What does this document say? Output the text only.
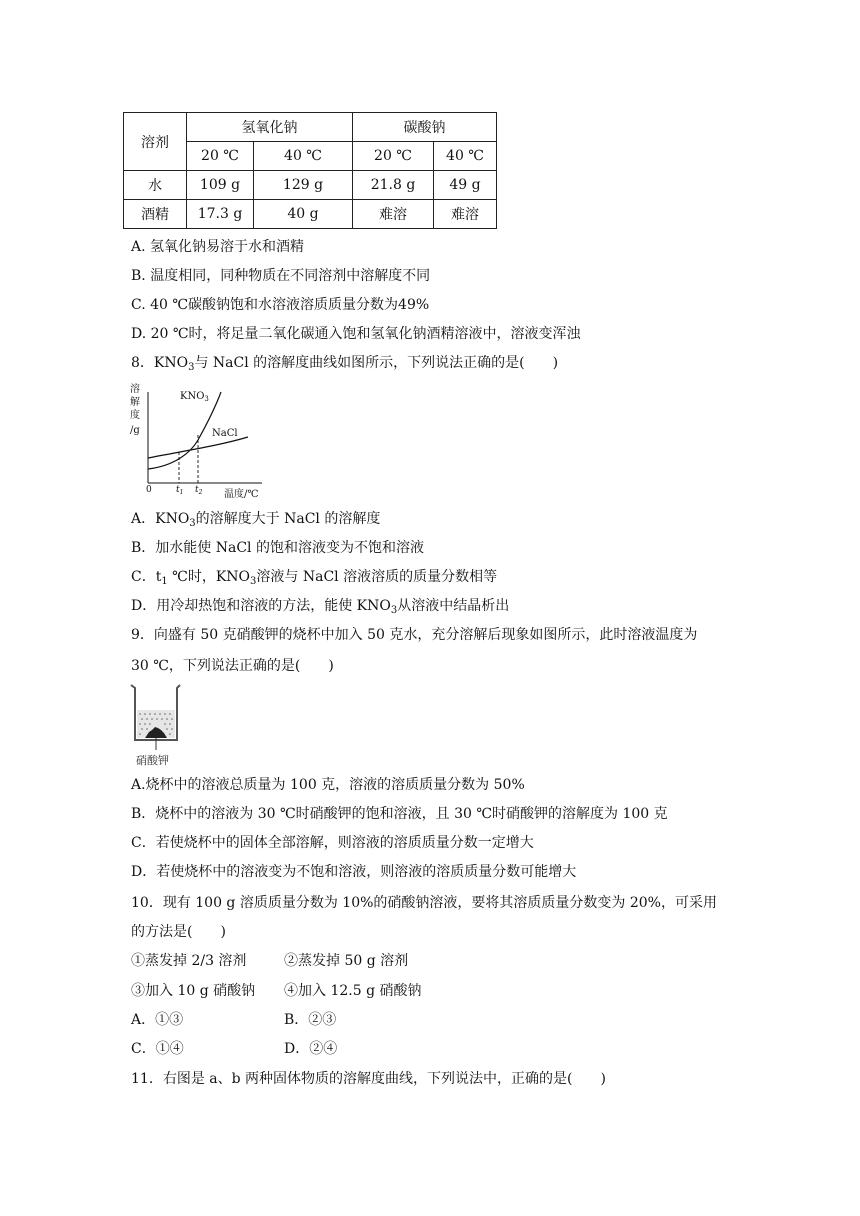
溶剂	氢氧化钠		碳酸钠	
	20 ℃	40 ℃	20 ℃	40 ℃
水	109 g	129 g	21.8 g	49 g
酒精	17.3 g	40 g	难溶	难溶
A. 氢氧化钠易溶于水和酒精
B. 温度相同，同种物质在不同溶剂中溶解度不同
C. 40 ℃碳酸钠饱和水溶液溶质质量分数为49%
D. 20 ℃时，将足量二氧化碳通入饱和氢氧化钠酒精溶液中，溶液变浑浊
8．$KNO_3$与 NaCl 的溶解度曲线如图所示，下列说法正确的是(　　)
溶
解
度
/g
$KNO_3$
NaCl
0	$t_1$ $t_2$ 温度/℃
A．$KNO_3$的溶解度大于 NaCl 的溶解度
B．加水能使 NaCl 的饱和溶液变为不饱和溶液
C．$t_1$ ℃时，$KNO_3$溶液与 NaCl 溶液溶质的质量分数相等
D．用冷却热饱和溶液的方法，能使 $KNO_3$从溶液中结晶析出
9．向盛有 50 克硝酸钾的烧杯中加入 50 克水，充分溶解后现象如图所示，此时溶液温度为
30 ℃，下列说法正确的是(　　)
硝酸钾
A.烧杯中的溶液总质量为 100 克，溶液的溶质质量分数为 50%
B．烧杯中的溶液为 30 ℃时硝酸钾的饱和溶液，且 30 ℃时硝酸钾的溶解度为 100 克
C．若使烧杯中的固体全部溶解，则溶液的溶质质量分数一定增大
D．若使烧杯中的溶液变为不饱和溶液，则溶液的溶质质量分数可能增大
10．现有 100 g 溶质质量分数为 10%的硝酸钠溶液，要将其溶质质量分数变为 20%，可采用
的方法是(　　)
①蒸发掉 2/3 溶剂	②蒸发掉 50 g 溶剂
③加入 10 g 硝酸钠 ④加入 12.5 g 硝酸钠
A．①③	B．②③
C．①④	D．②④
11．右图是 a、b 两种固体物质的溶解度曲线，下列说法中，正确的是(　　)
